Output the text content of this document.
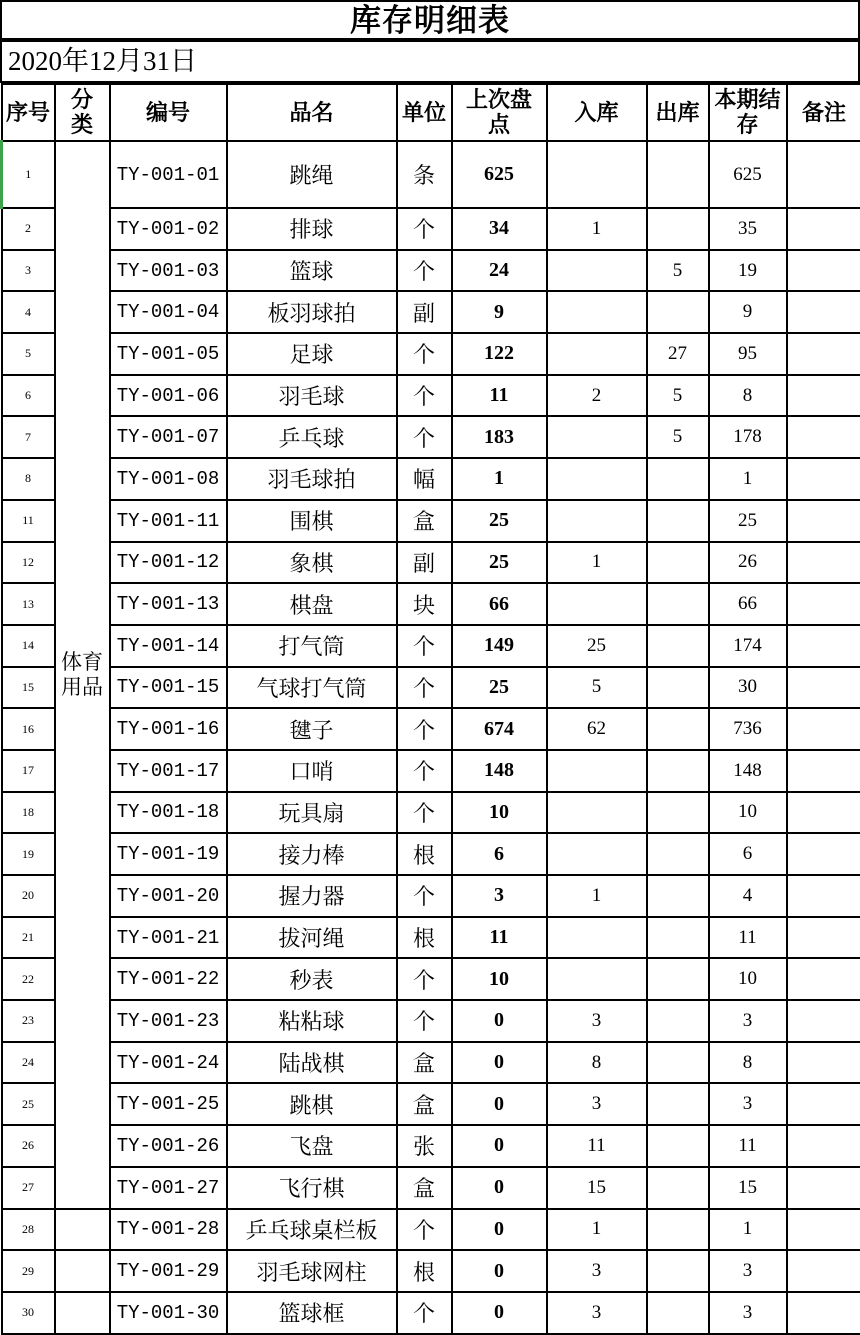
库存明细表
2020年12月31日
序号	分类	编号	品名	单位	上次盘点	入库	出库	本期结存	备注
1	体育用品	TY-001-01	跳绳	条	625			625	
2		TY-001-02	排球	个	34	1		35	
3		TY-001-03	篮球	个	24		5	19	
4		TY-001-04	板羽球拍	副	9			9	
5		TY-001-05	足球	个	122		27	95	
6		TY-001-06	羽毛球	个	11	2	5	8	
7		TY-001-07	乒乓球	个	183		5	178	
8		TY-001-08	羽毛球拍	幅	1			1	
11		TY-001-11	围棋	盒	25			25	
12		TY-001-12	象棋	副	25	1		26	
13		TY-001-13	棋盘	块	66			66	
14		TY-001-14	打气筒	个	149	25		174	
15		TY-001-15	气球打气筒	个	25	5		30	
16		TY-001-16	毽子	个	674	62		736	
17		TY-001-17	口哨	个	148			148	
18		TY-001-18	玩具扇	个	10			10	
19		TY-001-19	接力棒	根	6			6	
20		TY-001-20	握力器	个	3	1		4	
21		TY-001-21	拔河绳	根	11			11	
22		TY-001-22	秒表	个	10			10	
23		TY-001-23	粘粘球	个	0	3		3	
24		TY-001-24	陆战棋	盒	0	8		8	
25		TY-001-25	跳棋	盒	0	3		3	
26		TY-001-26	飞盘	张	0	11		11	
27		TY-001-27	飞行棋	盒	0	15		15	
28		TY-001-28	乒乓球桌栏板	个	0	1		1	
29		TY-001-29	羽毛球网柱	根	0	3		3	
30		TY-001-30	篮球框	个	0	3		3	
